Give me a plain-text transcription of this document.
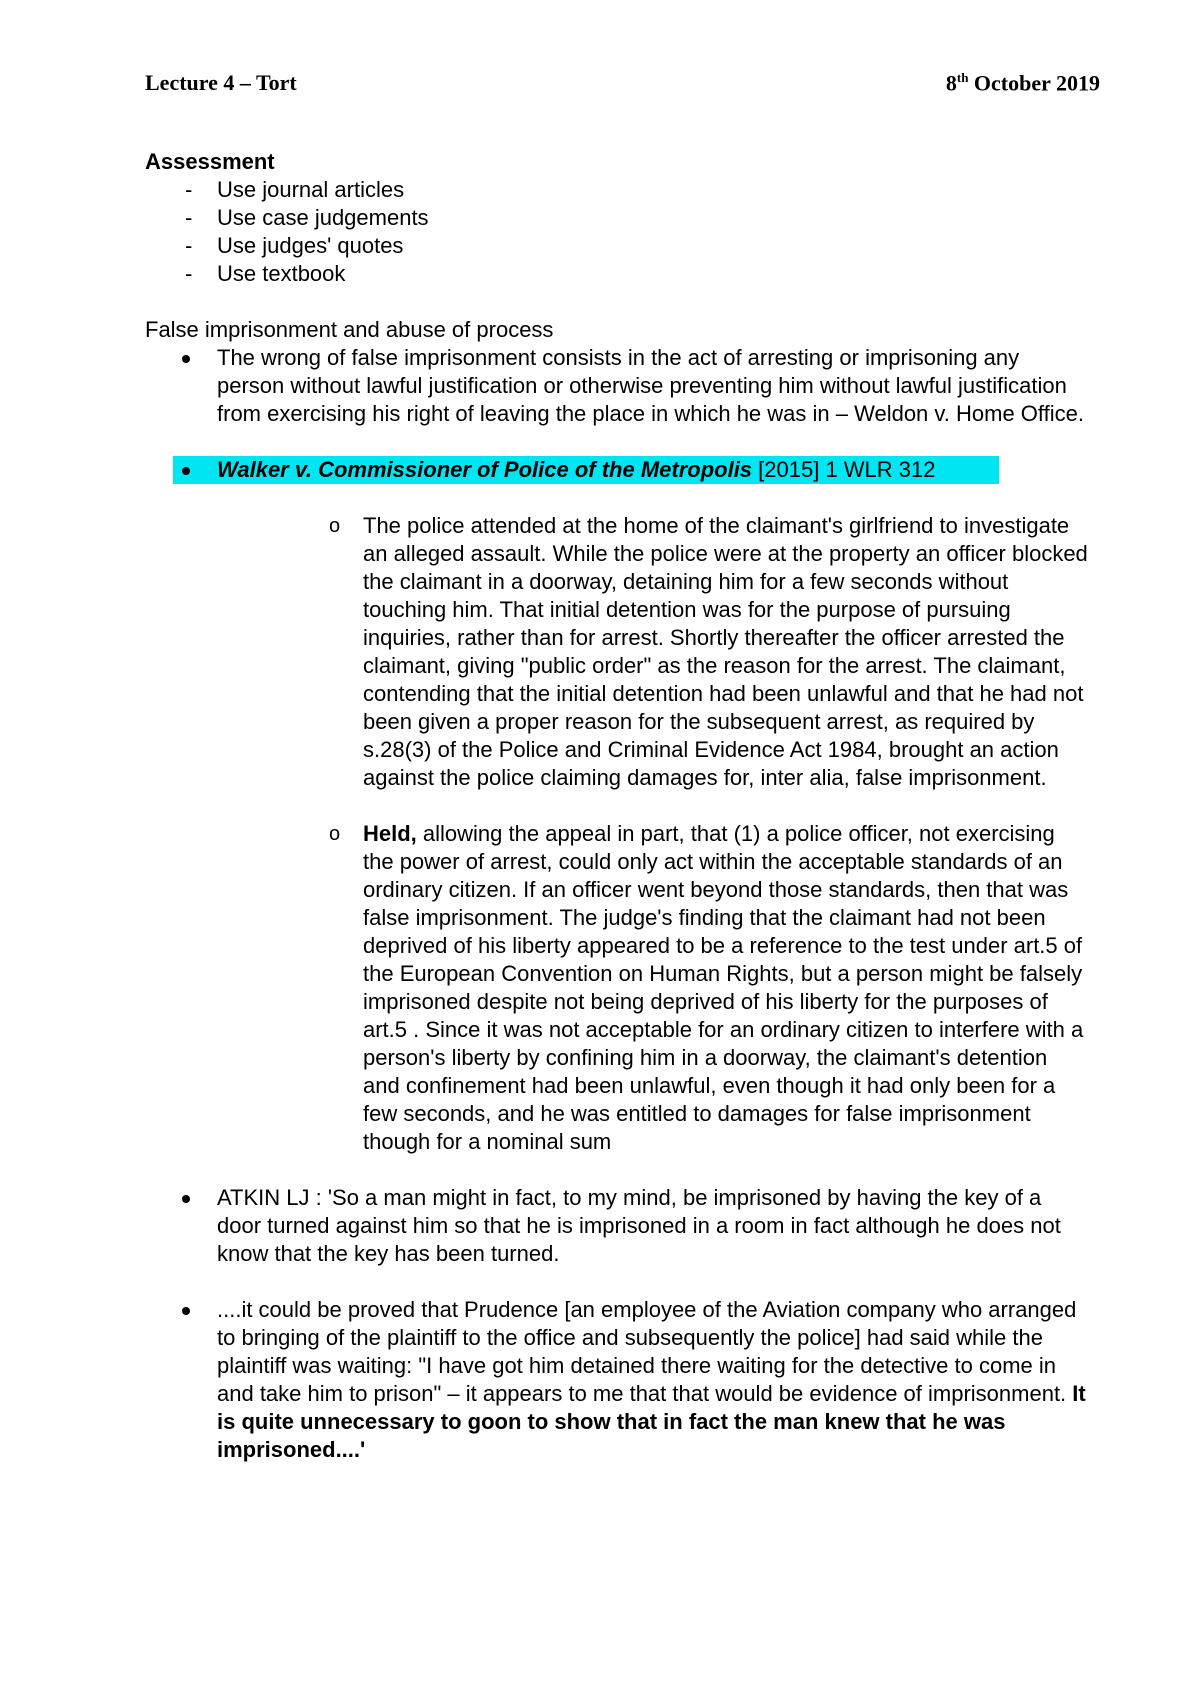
Lecture 4 – Tort	8th October 2019
Assessment
- Use journal articles
- Use case judgements
- Use judges' quotes
- Use textbook
False imprisonment and abuse of process
The wrong of false imprisonment consists in the act of arresting or imprisoning any person without lawful justification or otherwise preventing him without lawful justification from exercising his right of leaving the place in which he was in – Weldon v. Home Office.
Walker v. Commissioner of Police of the Metropolis [2015] 1 WLR 312
o The police attended at the home of the claimant's girlfriend to investigate an alleged assault. While the police were at the property an officer blocked the claimant in a doorway, detaining him for a few seconds without touching him. That initial detention was for the purpose of pursuing inquiries, rather than for arrest. Shortly thereafter the officer arrested the claimant, giving "public order" as the reason for the arrest. The claimant, contending that the initial detention had been unlawful and that he had not been given a proper reason for the subsequent arrest, as required by s.28(3) of the Police and Criminal Evidence Act 1984, brought an action against the police claiming damages for, inter alia, false imprisonment.
o Held, allowing the appeal in part, that (1) a police officer, not exercising the power of arrest, could only act within the acceptable standards of an ordinary citizen. If an officer went beyond those standards, then that was false imprisonment. The judge's finding that the claimant had not been deprived of his liberty appeared to be a reference to the test under art.5 of the European Convention on Human Rights, but a person might be falsely imprisoned despite not being deprived of his liberty for the purposes of art.5 . Since it was not acceptable for an ordinary citizen to interfere with a person's liberty by confining him in a doorway, the claimant's detention and confinement had been unlawful, even though it had only been for a few seconds, and he was entitled to damages for false imprisonment though for a nominal sum
ATKIN LJ : 'So a man might in fact, to my mind, be imprisoned by having the key of a door turned against him so that he is imprisoned in a room in fact although he does not know that the key has been turned.
....it could be proved that Prudence [an employee of the Aviation company who arranged to bringing of the plaintiff to the office and subsequently the police] had said while the plaintiff was waiting: "I have got him detained there waiting for the detective to come in and take him to prison" – it appears to me that that would be evidence of imprisonment. It is quite unnecessary to goon to show that in fact the man knew that he was imprisoned....'
